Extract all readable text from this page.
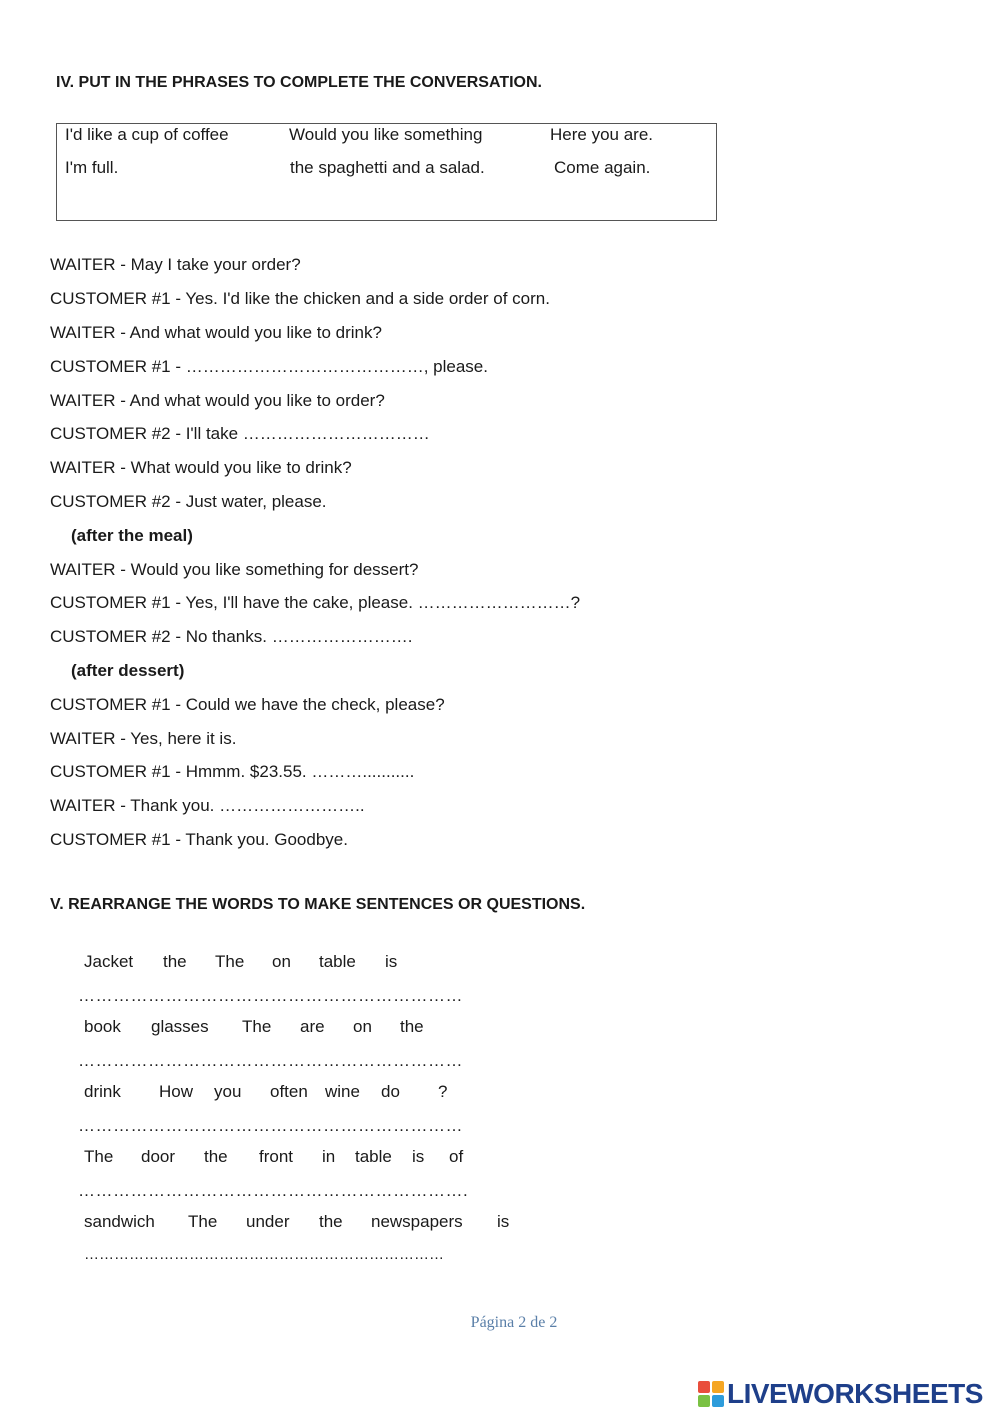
IV. PUT IN THE PHRASES TO COMPLETE THE CONVERSATION.
I'd like a cup of coffee	Would you like something	Here you are.
I'm full.	the spaghetti and a salad.	Come again.
WAITER - May I take your order?
CUSTOMER #1 - Yes. I'd like the chicken and a side order of corn.
WAITER - And what would you like to drink?
CUSTOMER #1 - ……………………………………, please.
WAITER - And what would you like to order?
CUSTOMER #2 - I'll take ……………………………
WAITER - What would you like to drink?
CUSTOMER #2 - Just water, please.
(after the meal)
WAITER - Would you like something for dessert?
CUSTOMER #1 - Yes, I'll have the cake, please. ………………………?
CUSTOMER #2 - No thanks. …………………….
(after dessert)
CUSTOMER #1 - Could we have the check, please?
WAITER - Yes, here it is.
CUSTOMER #1 - Hmmm. $23.55. ………...........
WAITER - Thank you. ……………………..
CUSTOMER #1 - Thank you. Goodbye.
V. REARRANGE THE WORDS TO MAKE SENTENCES OR QUESTIONS.
Jacket the The on table is
…………………………………………………………
book glasses The are on the
…………………………………………………………
drink How you often wine do ?
…………………………………………………………
The door the front in table is of
………………………………………………………….
sandwich The under the newspapers is
………………………………………………………………
Página 2 de 2
LIVEWORKSHEETS
